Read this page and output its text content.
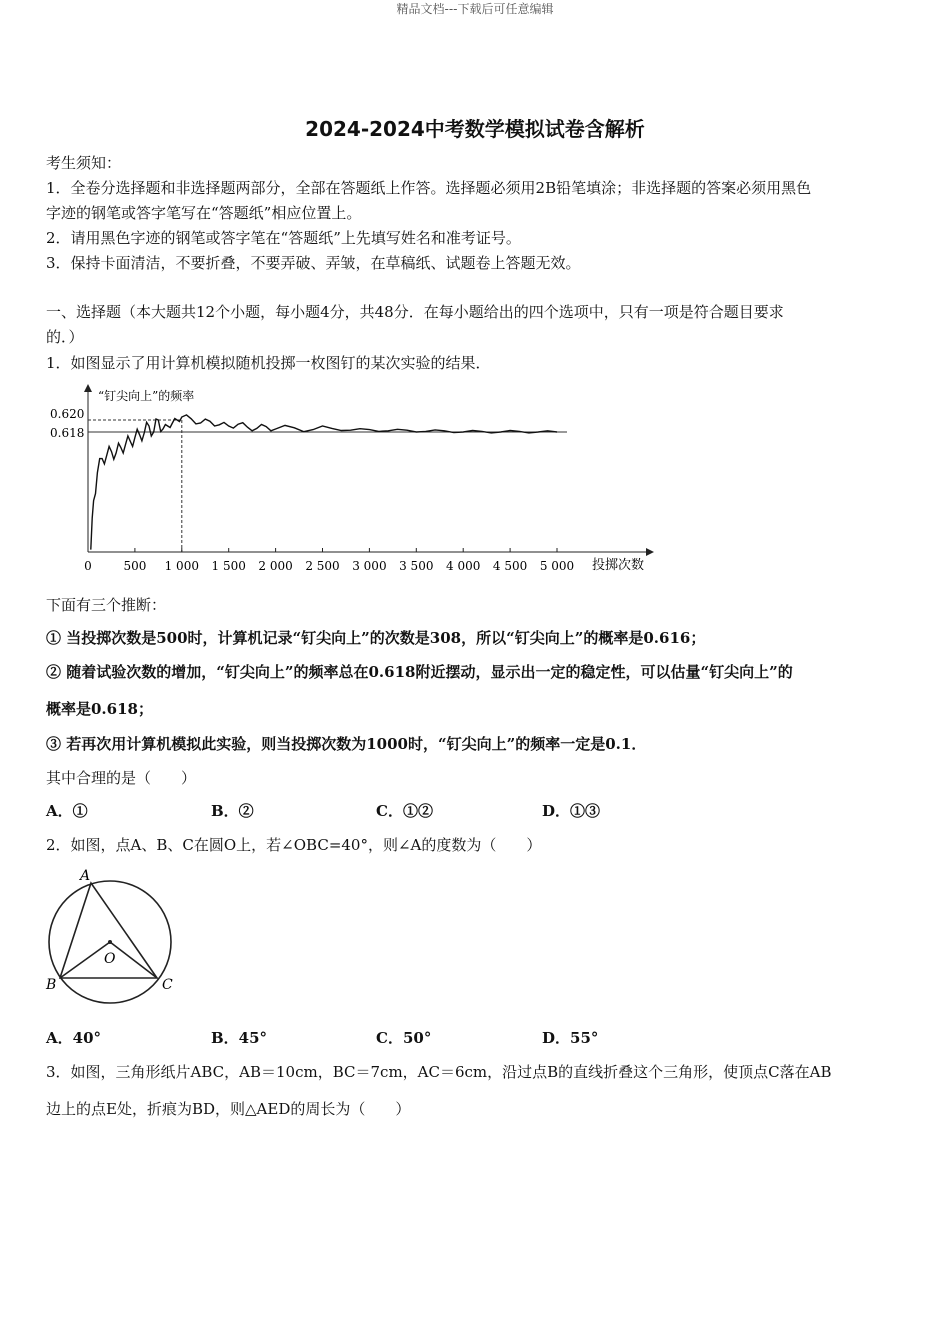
精品文档---下载后可任意编辑
2024-2024中考数学模拟试卷含解析
考生须知：
1．全卷分选择题和非选择题两部分，全部在答题纸上作答。选择题必须用2B铅笔填涂；非选择题的答案必须用黑色
字迹的钢笔或答字笔写在“答题纸”相应位置上。
2．请用黑色字迹的钢笔或答字笔在“答题纸”上先填写姓名和准考证号。
3．保持卡面清洁，不要折叠，不要弄破、弄皱，在草稿纸、试题卷上答题无效。
一、选择题（本大题共12个小题，每小题4分，共48分．在每小题给出的四个选项中，只有一项是符合题目要求
的．）
1．如图显示了用计算机模拟随机投掷一枚图钉的某次实验的结果．
“钉尖向上”的频率
投掷次数
0.620
0.618
0	500 1 000 1 500 2 000 2 500 3 000 3 500 4 000 4 500 5 000
下面有三个推断：
① 当投掷次数是500时，计算机记录“钉尖向上”的次数是308，所以“钉尖向上”的概率是0.616；
② 随着试验次数的增加，“钉尖向上”的频率总在0.618附近摆动，显示出一定的稳定性，可以估量“钉尖向上”的
概率是0.618；
③ 若再次用计算机模拟此实验，则当投掷次数为1000时，“钉尖向上”的频率一定是0.1．
其中合理的是（　　）
A．①	B．②	C．①②	D．①③
2．如图，点A、B、C在圆O上，若∠OBC=40°，则∠A的度数为（　　）
A
B	C
O
A．40°	B．45°	C．50°	D．55°
3．如图，三角形纸片ABC，AB＝10cm，BC＝7cm，AC＝6cm，沿过点B的直线折叠这个三角形，使顶点C落在AB
边上的点E处，折痕为BD，则△AED的周长为（　　）
